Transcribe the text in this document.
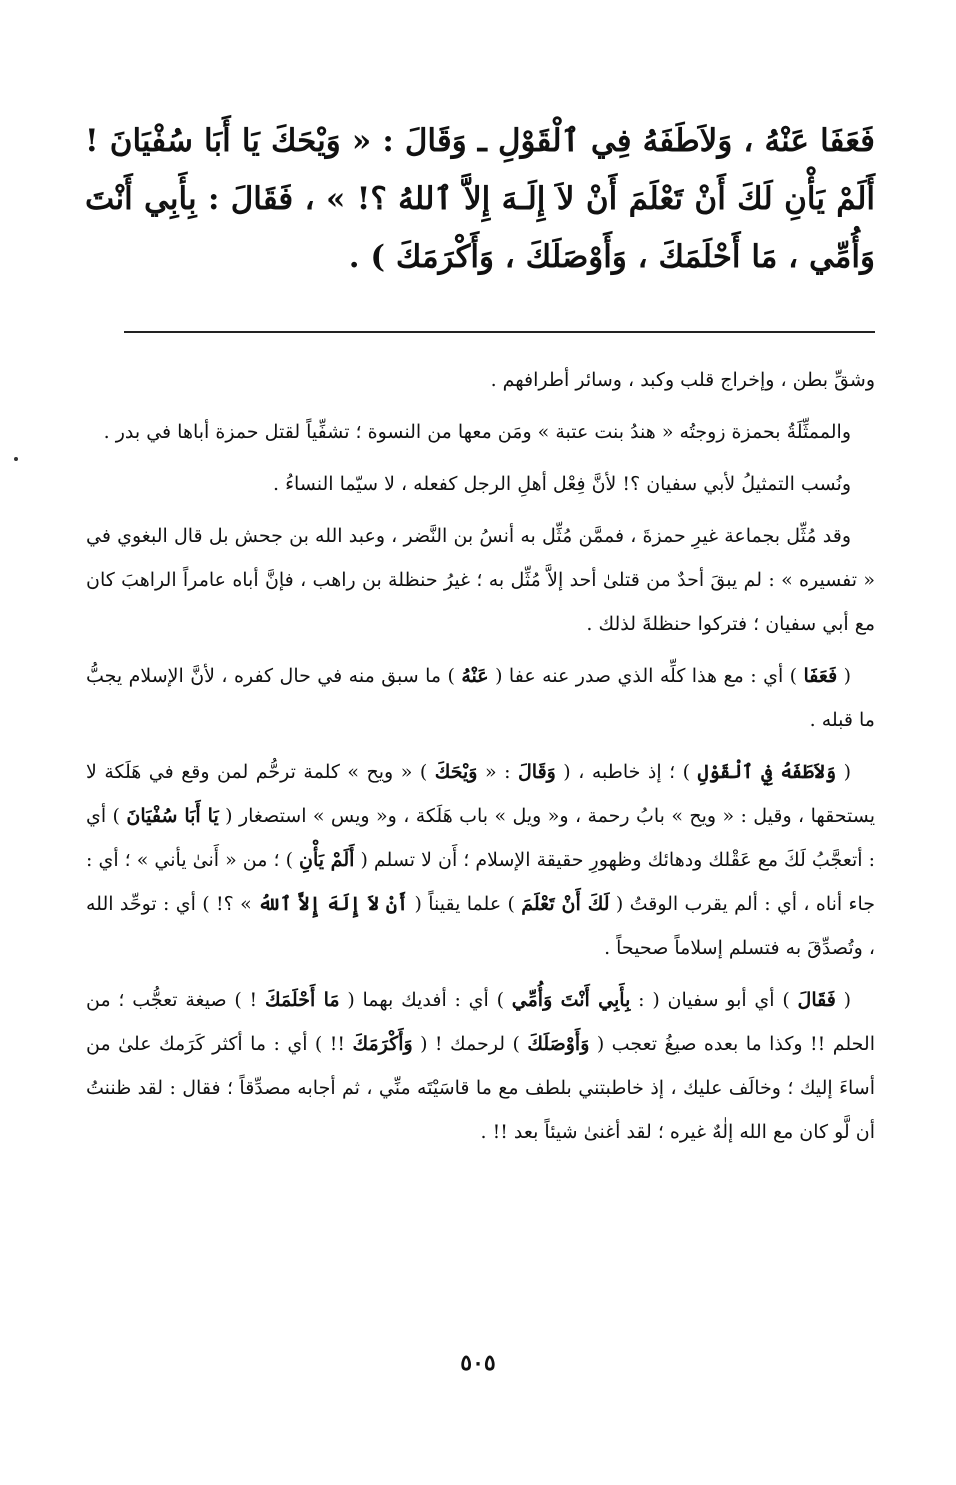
فَعَفَا عَنْهُ ، وَلاَطَفَهُ فِي ٱلْقَوْلِ ـ وَقَالَ : « وَيْحَكَ يَا أَبَا سُفْيَانَ ! أَلَمْ يَأْنِ لَكَ أَنْ تَعْلَمَ أَنْ لاَ إِلَـهَ إِلاَّ ٱللهُ ؟! » ، فَقَالَ : بِأَبِي أَنْتَ وَأُمِّي ، مَا أَحْلَمَكَ ، وَأَوْصَلَكَ ، وَأَكْرَمَكَ ) .

وشقِّ بطن ، وإخراج قلب وكبد ، وسائر أطرافهم .

والممثِّلَةُ بحمزة زوجتُه « هندُ بنت عتبة » ومَن معها من النسوة ؛ تشفِّياً لقتل حمزة أباها في بدر .

ونُسب التمثيلُ لأبي سفيان ؟! لأنَّ فِعْل أهلِ الرجل كفعله ، لا سيّما النساءُ .

وقد مُثِّل بجماعة غيرِ حمزةَ ، فممَّن مُثِّل به أنسُ بن النَّضر ، وعبد الله بن جحش بل قال البغوي في « تفسيره » : لم يبقَ أحدٌ من قتلىٰ أحد إلاَّ مُثِّل به ؛ غيرُ حنظلة بن راهب ، فإنَّ أباه عامراً الراهبَ كان مع أبي سفيان ؛ فتركوا حنظلةَ لذلك .

( فَعَفَا ) أي : مع هذا كلِّه الذي صدر عنه عفا ( عَنْهُ ) ما سبق منه في حال كفره ، لأنَّ الإسلام يجبُّ ما قبله .

( وَلاَطَفَهُ فِي ٱلْقَوْلِ ) ؛ إذ خاطبه ، ( وَقَالَ : « وَيْحَكَ ) « ويح » كلمة ترحُّم لمن وقع في هَلَكة لا يستحقها ، وقيل : « ويح » بابُ رحمة ، و« ويل » باب هَلَكة ، و« ويس » استصغار ( يَا أَبَا سُفْيَانَ ) أي : أتعجَّبُ لَكَ مع عَقْلك ودهائك وظهورِ حقيقة الإسلام ؛ أَن لا تسلم ( أَلَمْ يَأْنِ ) ؛ من « أَنىٰ يأني » ؛ أي : جاء أناه ، أي : ألم يقرب الوقتُ ( لَكَ أَنْ تَعْلَمَ ) علما يقيناً ( أَنْ لاَ إِلَهَ إِلاَّ ٱللهُ » ؟! ) أي : توحِّد الله ، وتُصدِّقَ به فتسلم إسلاماً صحيحاً .

( فَقَالَ ) أي أبو سفيان ( : بِأَبِي أَنْتَ وَأُمِّي ) أي : أفديك بهما ( مَا أَحْلَمَكَ ! ) صيغة تعجُّب ؛ من الحلم !! وكذا ما بعده صيغُ تعجب ( وَأَوْصَلَكَ ) لرحمك ! ( وَأَكْرَمَكَ !! ) أي : ما أكثر كَرَمك علىٰ من أساءَ إليك ؛ وخالَف عليك ، إذ خاطبتني بلطف مع ما قاسَيْتَه منِّي ، ثم أجابه مصدِّقاً ؛ فقال : لقد ظننتُ أن لَّو كان مع الله إلٰهٌ غيره ؛ لقد أغنىٰ شيئاً بعد !! .

٥٠٥
